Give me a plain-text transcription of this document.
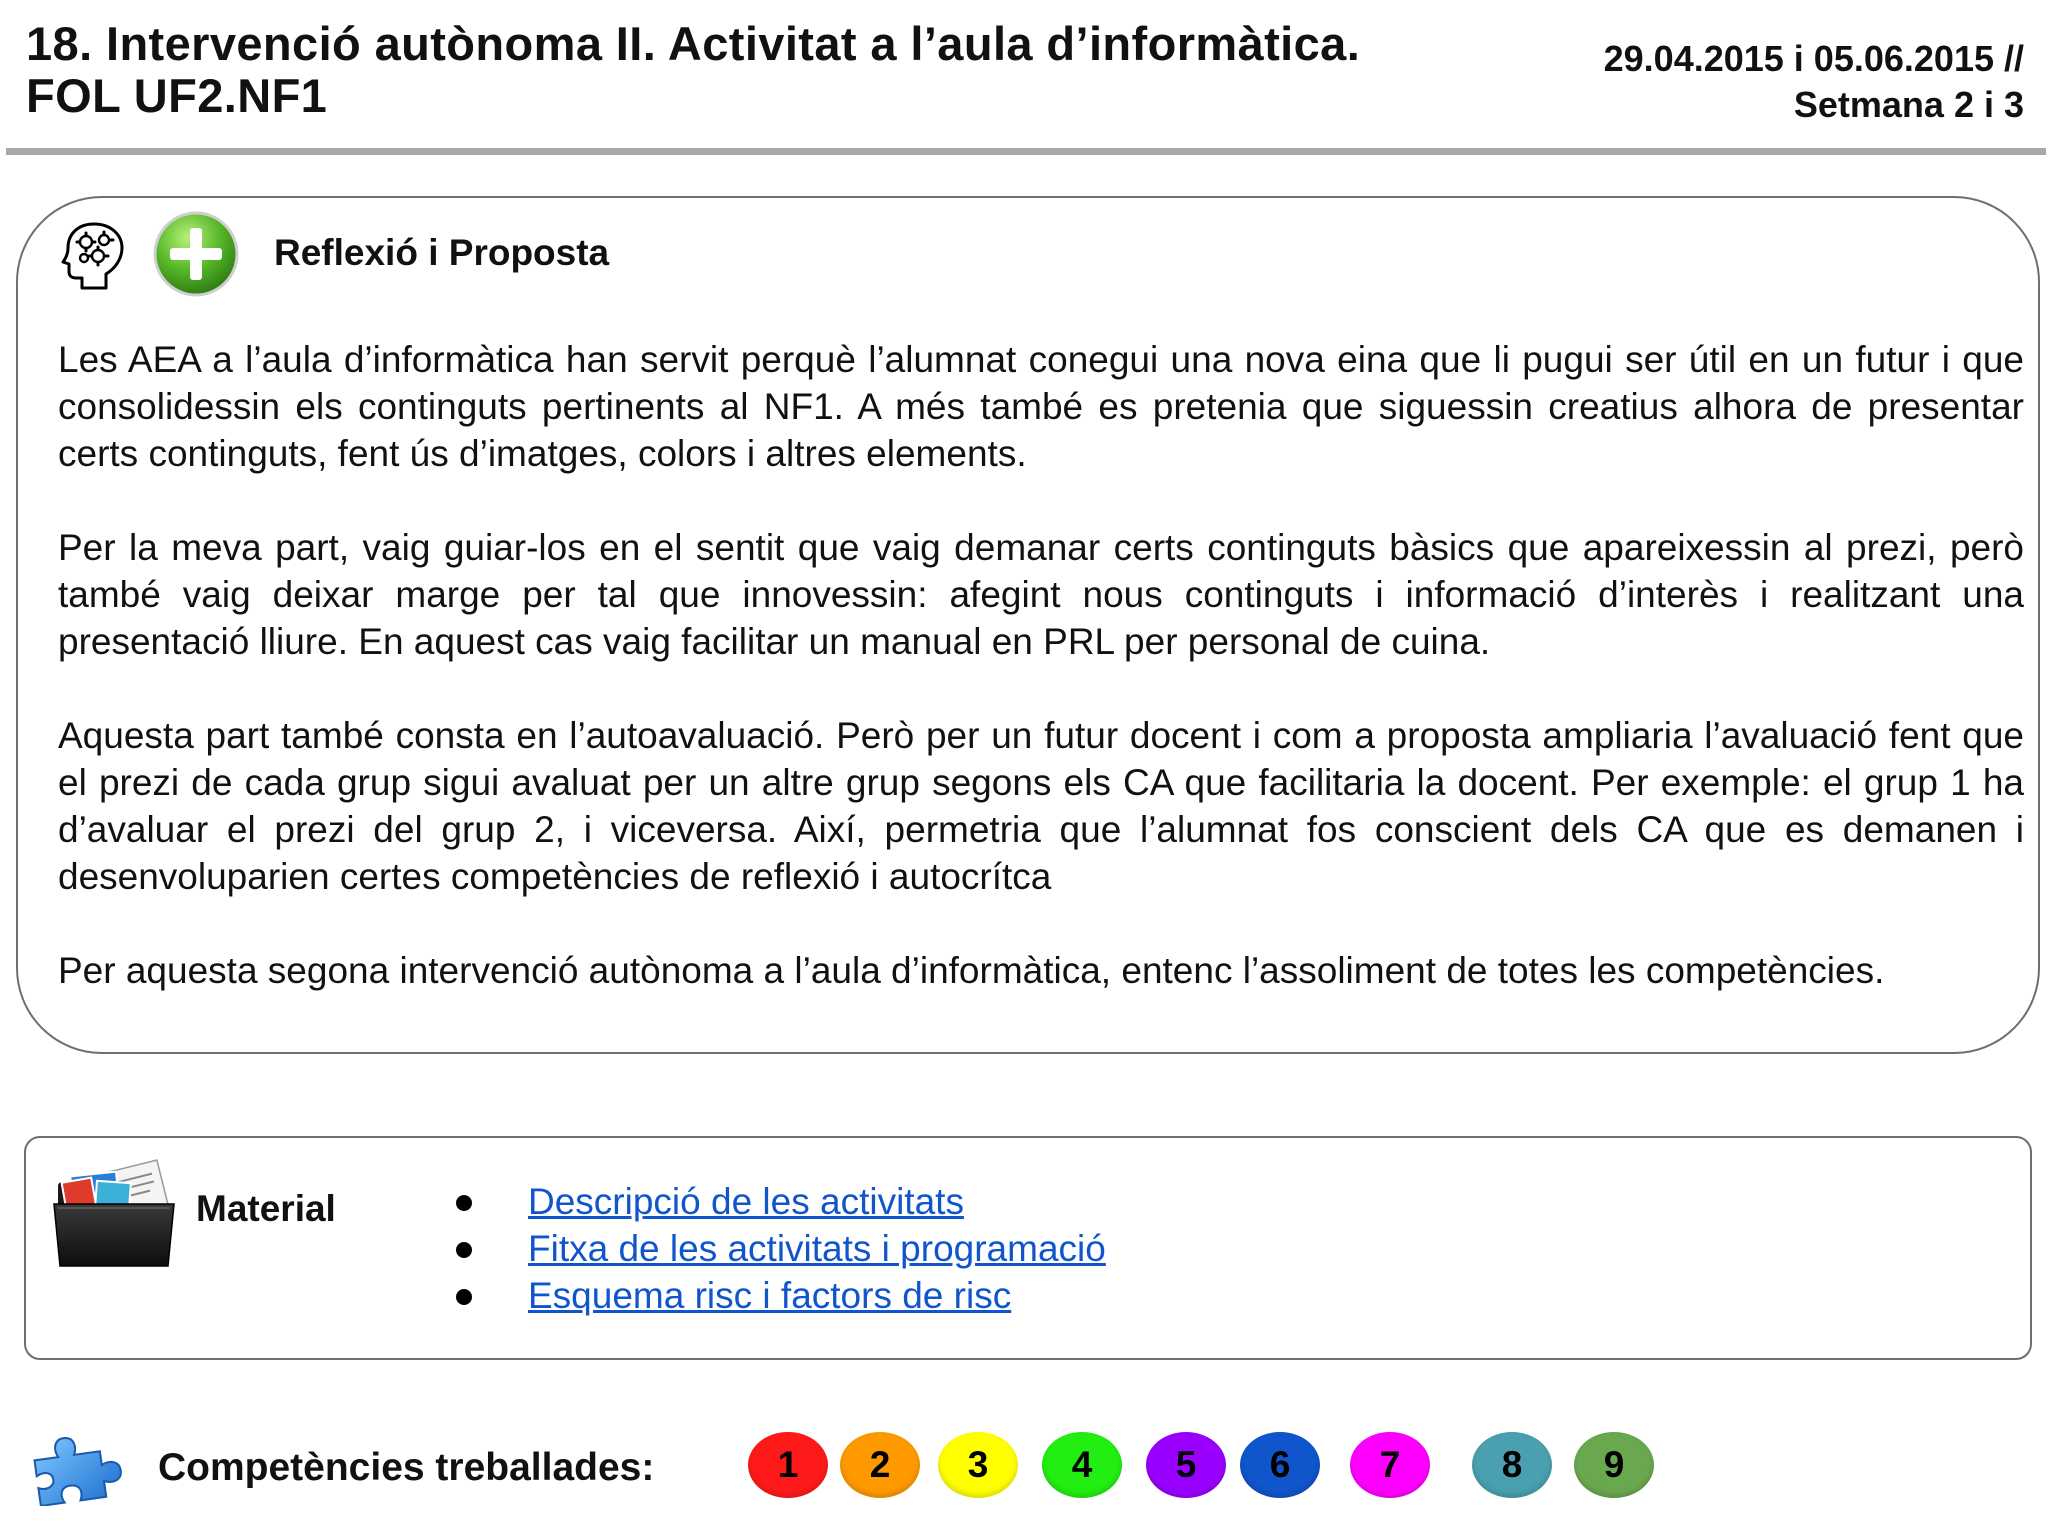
18. Intervenció autònoma II. Activitat a l’aula d’informàtica.
FOL UF2.NF1
29.04.2015 i 05.06.2015 //
Setmana 2 i 3
Reflexió i Proposta

Les AEA a l’aula d’informàtica han servit perquè l’alumnat conegui una nova eina que li pugui ser útil en un futur i que consolidessin els continguts pertinents al NF1. A més també es pretenia que siguessin creatius alhora de presentar certs continguts, fent ús d’imatges, colors i altres elements.

Per la meva part, vaig guiar-los en el sentit que vaig demanar certs continguts bàsics que apareixessin al prezi, però també vaig deixar marge per tal que innovessin: afegint nous continguts i informació d’interès i realitzant una presentació lliure. En aquest cas vaig facilitar un manual en PRL per personal de cuina.

Aquesta part també consta en l’autoavaluació. Però per un futur docent i com a proposta ampliaria l’avaluació fent que el prezi de cada grup sigui avaluat per un altre grup segons els CA que facilitaria la docent. Per exemple: el grup 1 ha d’avaluar el prezi del grup 2, i viceversa. Així, permetria que l’alumnat fos conscient dels CA que es demanen i desenvoluparien certes competències de reflexió i autocrítca

Per aquesta segona intervenció autònoma a l’aula d’informàtica, entenc l’assoliment de totes les competències.

Material	Descripció de les activitats
Fitxa de les activitats i programació
Esquema risc i factors de risc
Competències treballades:	1	2	3	4	5	6	7	8	9
